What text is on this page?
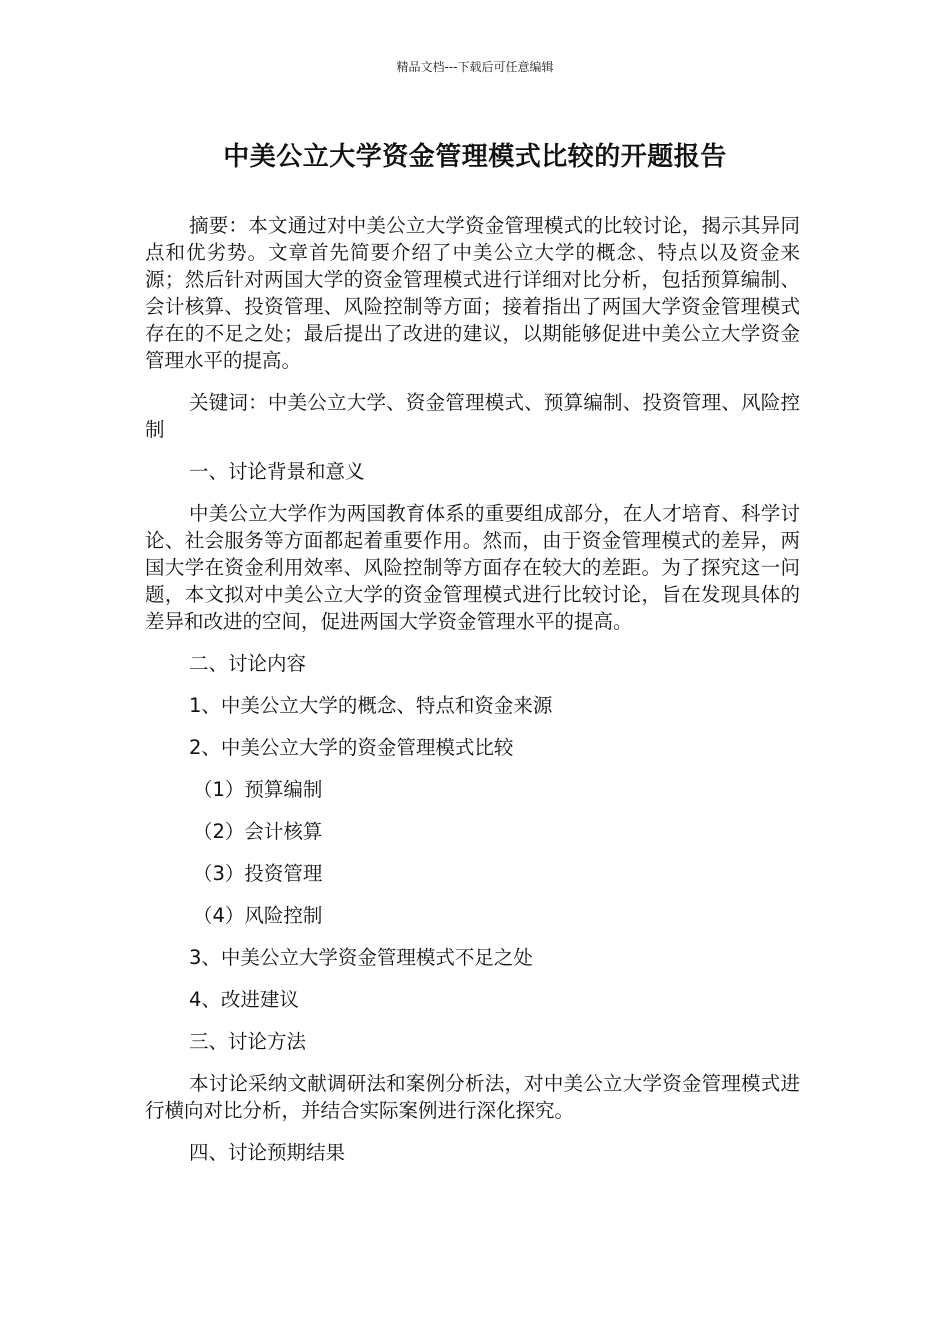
精品文档---下载后可任意编辑
中美公立大学资金管理模式比较的开题报告

摘要：本文通过对中美公立大学资金管理模式的比较讨论，揭示其异同点和优劣势。文章首先简要介绍了中美公立大学的概念、特点以及资金来源；然后针对两国大学的资金管理模式进行详细对比分析，包括预算编制、会计核算、投资管理、风险控制等方面；接着指出了两国大学资金管理模式存在的不足之处；最后提出了改进的建议，以期能够促进中美公立大学资金管理水平的提高。

关键词：中美公立大学、资金管理模式、预算编制、投资管理、风险控制

一、讨论背景和意义

中美公立大学作为两国教育体系的重要组成部分，在人才培育、科学讨论、社会服务等方面都起着重要作用。然而，由于资金管理模式的差异，两国大学在资金利用效率、风险控制等方面存在较大的差距。为了探究这一问题，本文拟对中美公立大学的资金管理模式进行比较讨论，旨在发现具体的差异和改进的空间，促进两国大学资金管理水平的提高。

二、讨论内容

1、中美公立大学的概念、特点和资金来源

2、中美公立大学的资金管理模式比较

（1）预算编制

（2）会计核算

（3）投资管理

（4）风险控制

3、中美公立大学资金管理模式不足之处

4、改进建议

三、讨论方法

本讨论采纳文献调研法和案例分析法，对中美公立大学资金管理模式进行横向对比分析，并结合实际案例进行深化探究。

四、讨论预期结果
